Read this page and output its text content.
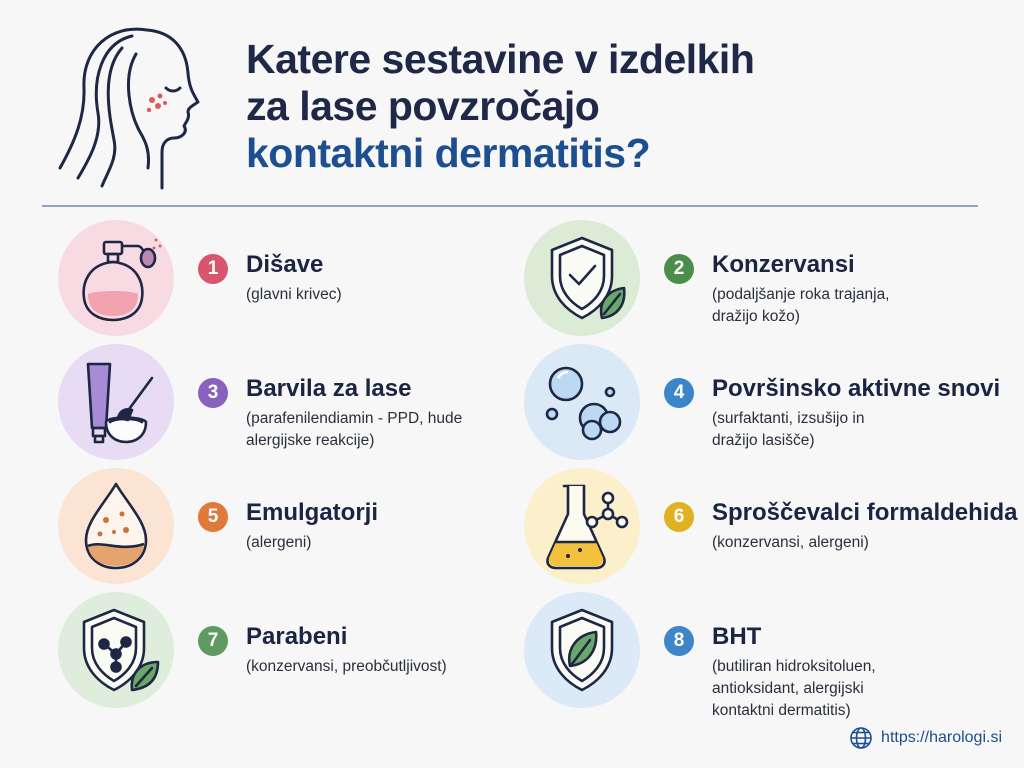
Katere sestavine v izdelkih
za lase povzročajo
kontaktni dermatitis?
1	Dišave
(glavni krivec)
2	Konzervansi
(podaljšanje roka trajanja, dražijo kožo)
3	Barvila za lase
(parafenilendiamin - PPD, hude alergijske reakcije)
4	Površinsko aktivne snovi
(surfaktanti, izsušijo in dražijo lasišče)
5	Emulgatorji
(alergeni)
6	Sproščevalci formaldehida
(konzervansi, alergeni)
7	Parabeni
(konzervansi, preobčutljivost)
8	BHT
(butiliran hidroksitoluen, antioksidant, alergijski kontaktni dermatitis)
https://harologi.si
